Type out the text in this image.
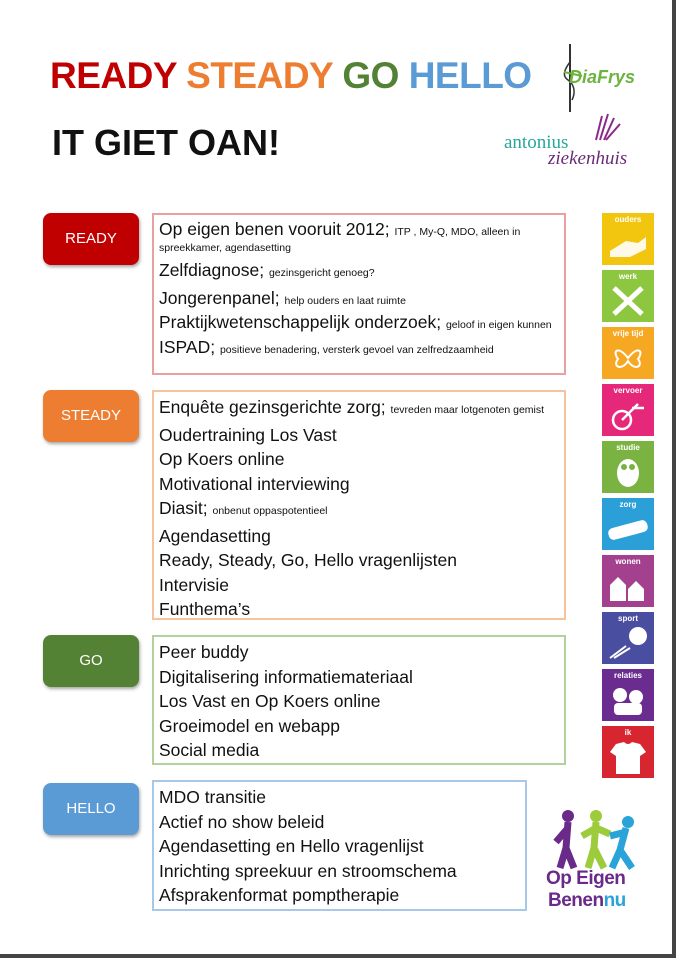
READY STEADY GO HELLO
IT GIET OAN!
DiaFrys
antonius
ziekenhuis
READY	Op eigen benen vooruit 2012; ITP , My-Q, MDO, alleen in spreekkamer, agendasetting
Zelfdiagnose; gezinsgericht genoeg?
Jongerenpanel; help ouders en laat ruimte
Praktijkwetenschappelijk onderzoek; geloof in eigen kunnen
ISPAD; positieve benadering, versterk gevoel van zelfredzaamheid
STEADY	Enquête gezinsgerichte zorg; tevreden maar lotgenoten gemist
Oudertraining Los Vast
Op Koers online
Motivational interviewing
Diasit; onbenut oppaspotentieel
Agendasetting
Ready, Steady, Go, Hello vragenlijsten
Intervisie
Funthema’s
GO	Peer buddy
Digitalisering informatiemateriaal
Los Vast en Op Koers online
Groeimodel en webapp
Social media
HELLO
MDO transitie
Actief no show beleid
Agendasetting en Hello vragenlijst
Inrichting spreekuur en stroomschema
Afsprakenformat pomptherapie
ouders
werk
vrije tijd
vervoer
studie
zorg
wonen
sport
relaties
ik
Op Eigen
Benennu
